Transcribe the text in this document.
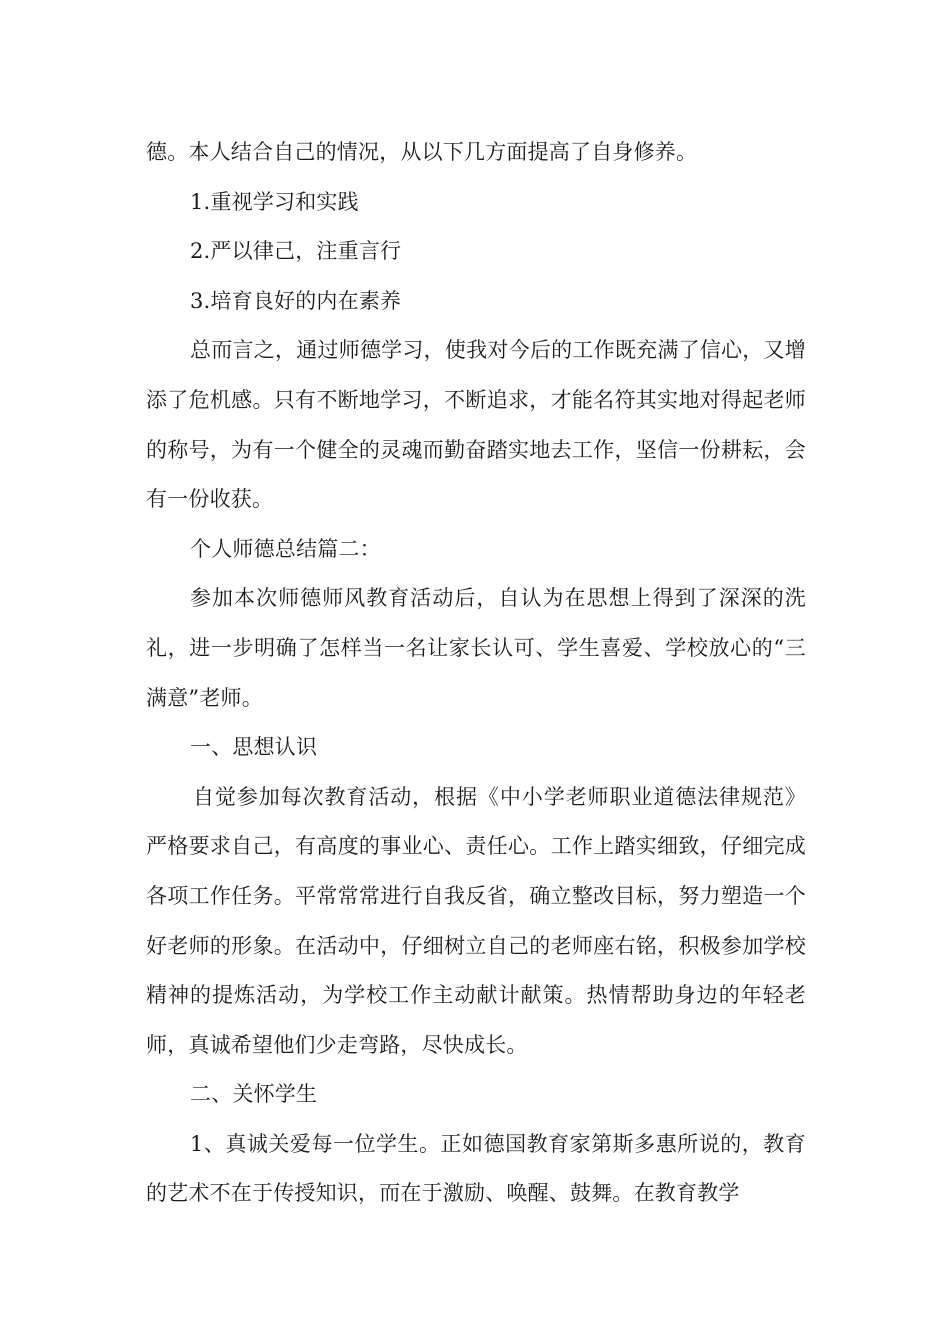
德。本人结合自己的情况，从以下几方面提高了自身修养。

1.重视学习和实践

2.严以律己，注重言行

3.培育良好的内在素养

总而言之，通过师德学习，使我对今后的工作既充满了信心，又增添了危机感。只有不断地学习，不断追求，才能名符其实地对得起老师的称号，为有一个健全的灵魂而勤奋踏实地去工作，坚信一份耕耘，会有一份收获。

个人师德总结篇二：

参加本次师德师风教育活动后，自认为在思想上得到了深深的洗礼，进一步明确了怎样当一名让家长认可、学生喜爱、学校放心的“三满意”老师。

一、思想认识

自觉参加每次教育活动，根据《中小学老师职业道德法律规范》严格要求自己，有高度的事业心、责任心。工作上踏实细致，仔细完成各项工作任务。平常常常进行自我反省，确立整改目标，努力塑造一个好老师的形象。在活动中，仔细树立自己的老师座右铭，积极参加学校精神的提炼活动，为学校工作主动献计献策。热情帮助身边的年轻老师，真诚希望他们少走弯路，尽快成长。

二、关怀学生

1、真诚关爱每一位学生。正如德国教育家第斯多惠所说的，教育的艺术不在于传授知识，而在于激励、唤醒、鼓舞。在教育教学
